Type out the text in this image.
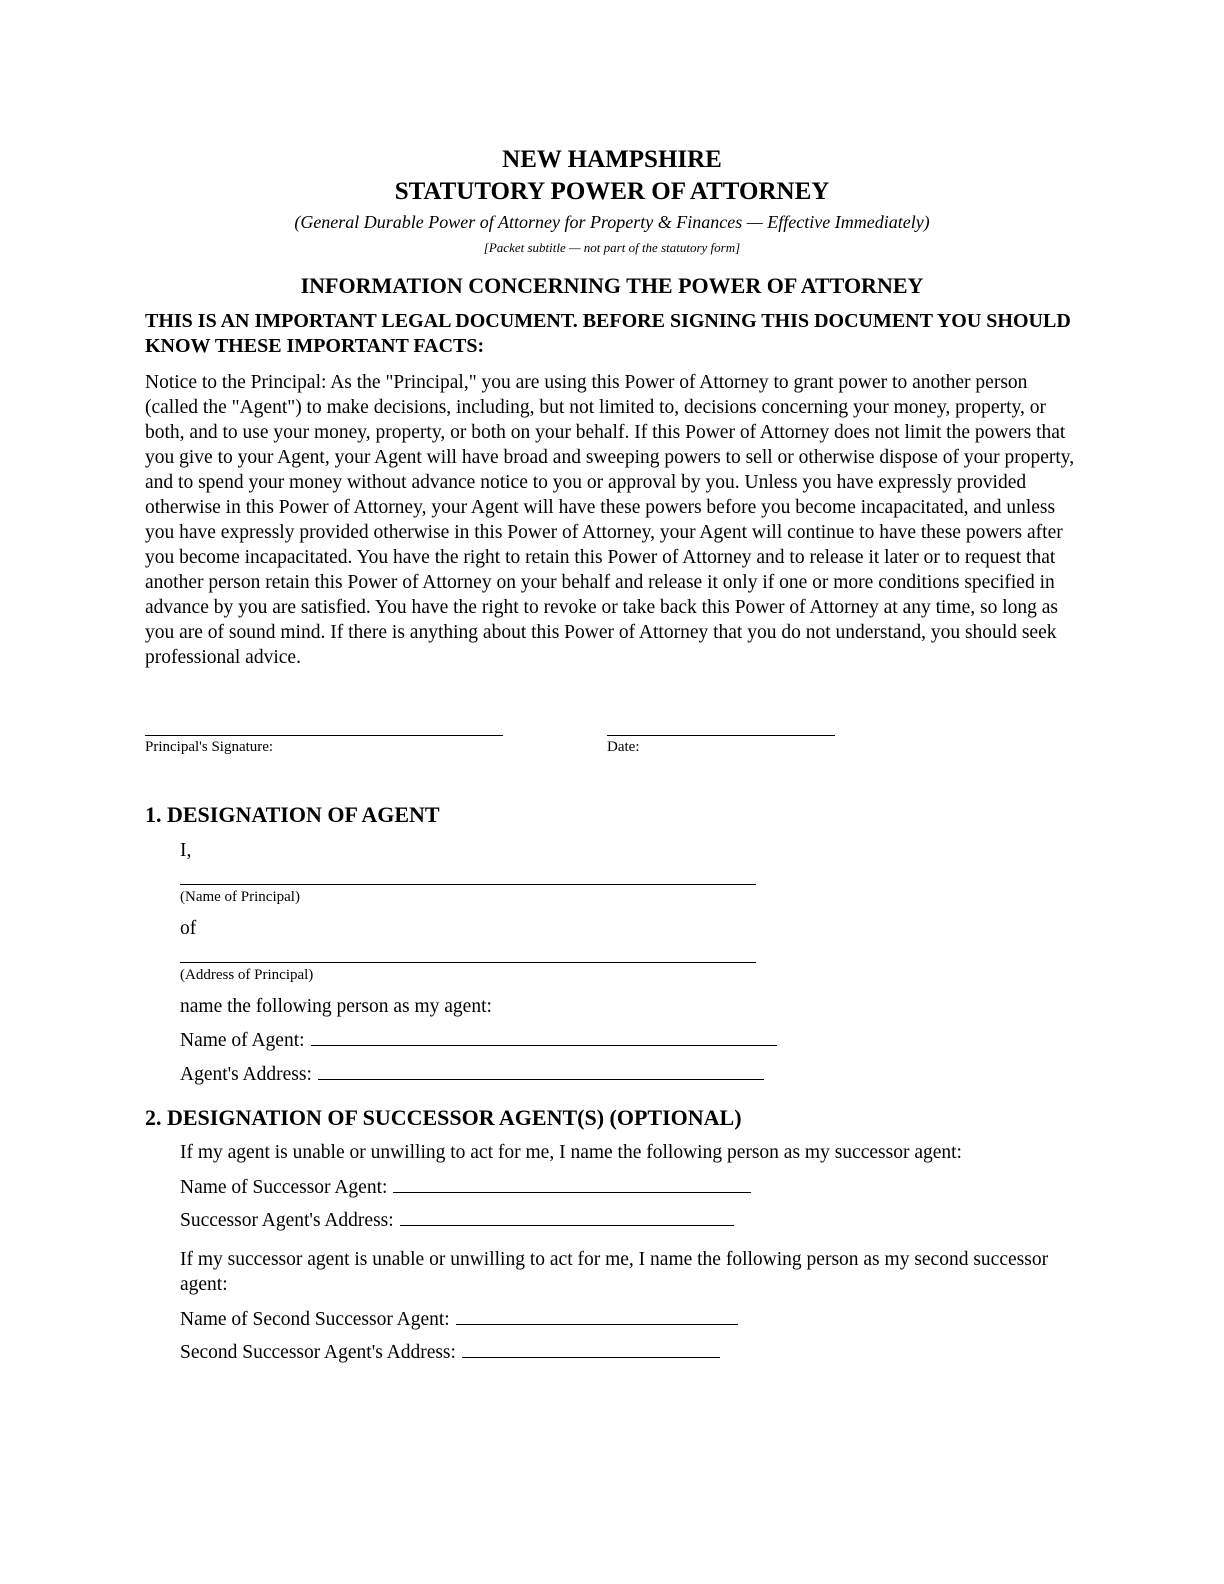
NEW HAMPSHIRE
STATUTORY POWER OF ATTORNEY
(General Durable Power of Attorney for Property & Finances — Effective Immediately)
[Packet subtitle — not part of the statutory form]
INFORMATION CONCERNING THE POWER OF ATTORNEY

THIS IS AN IMPORTANT LEGAL DOCUMENT. BEFORE SIGNING THIS DOCUMENT YOU SHOULD KNOW THESE IMPORTANT FACTS:

Notice to the Principal: As the "Principal," you are using this Power of Attorney to grant power to another person (called the "Agent") to make decisions, including, but not limited to, decisions concerning your money, property, or both, and to use your money, property, or both on your behalf. If this Power of Attorney does not limit the powers that you give to your Agent, your Agent will have broad and sweeping powers to sell or otherwise dispose of your property, and to spend your money without advance notice to you or approval by you. Unless you have expressly provided otherwise in this Power of Attorney, your Agent will have these powers before you become incapacitated, and unless you have expressly provided otherwise in this Power of Attorney, your Agent will continue to have these powers after you become incapacitated. You have the right to retain this Power of Attorney and to release it later or to request that another person retain this Power of Attorney on your behalf and release it only if one or more conditions specified in advance by you are satisfied. You have the right to revoke or take back this Power of Attorney at any time, so long as you are of sound mind. If there is anything about this Power of Attorney that you do not understand, you should seek professional advice.

Principal's Signature:	Date:
1. DESIGNATION OF AGENT
I,
(Name of Principal)
of
(Address of Principal)
name the following person as my agent:
Name of Agent:
Agent's Address:
2. DESIGNATION OF SUCCESSOR AGENT(S) (OPTIONAL)
If my agent is unable or unwilling to act for me, I name the following person as my successor agent:
Name of Successor Agent:
Successor Agent's Address:
If my successor agent is unable or unwilling to act for me, I name the following person as my second successor agent:
Name of Second Successor Agent:
Second Successor Agent's Address:
